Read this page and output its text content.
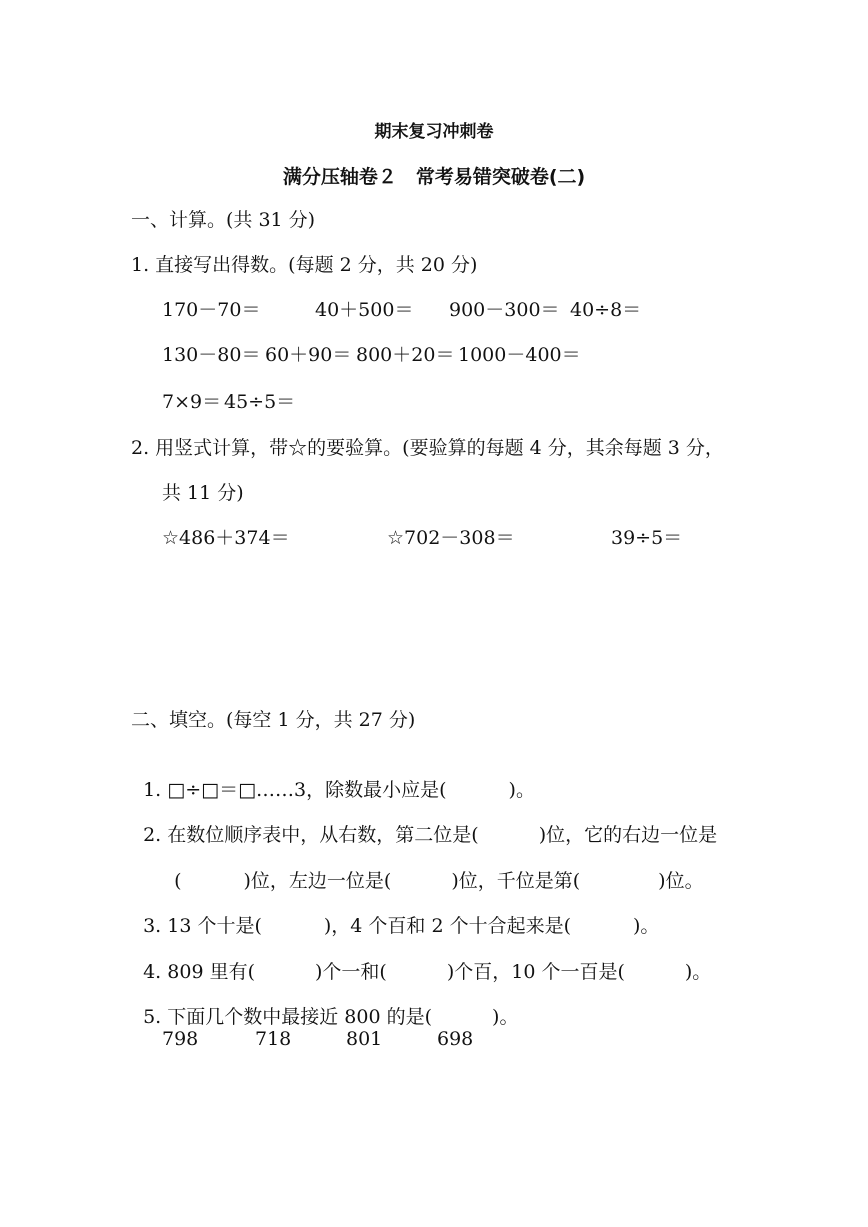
期末复习冲刺卷
满分压轴卷２　常考易错突破卷(二)
一、计算。(共 31 分)
1. 直接写出得数。(每题 2 分，共 20 分)
170－70＝	40＋500＝ 900－300＝ 40÷8＝
130－80＝ 60＋90＝ 800＋20＝ 1000－400＝
7×9＝ 45÷5＝
2. 用竖式计算，带☆的要验算。(要验算的每题 4 分，其余每题 3 分，
共 11 分)
☆486＋374＝	☆702－308＝	39÷5＝
二、填空。(每空 1 分，共 27 分)

1. □÷□＝□……3，除数最小应是(	)。

2. 在数位顺序表中，从右数，第二位是(	)位，它的右边一位是

(	)位，左边一位是(	)位，千位是第(	)位。

3. 13 个十是(	)，4 个百和 2 个十合起来是(	)。

4. 809 里有(	)个一和(	)个百，10 个一百是(	)。

5. 下面几个数中最接近 800 的是(	)。

798	718	801	698
